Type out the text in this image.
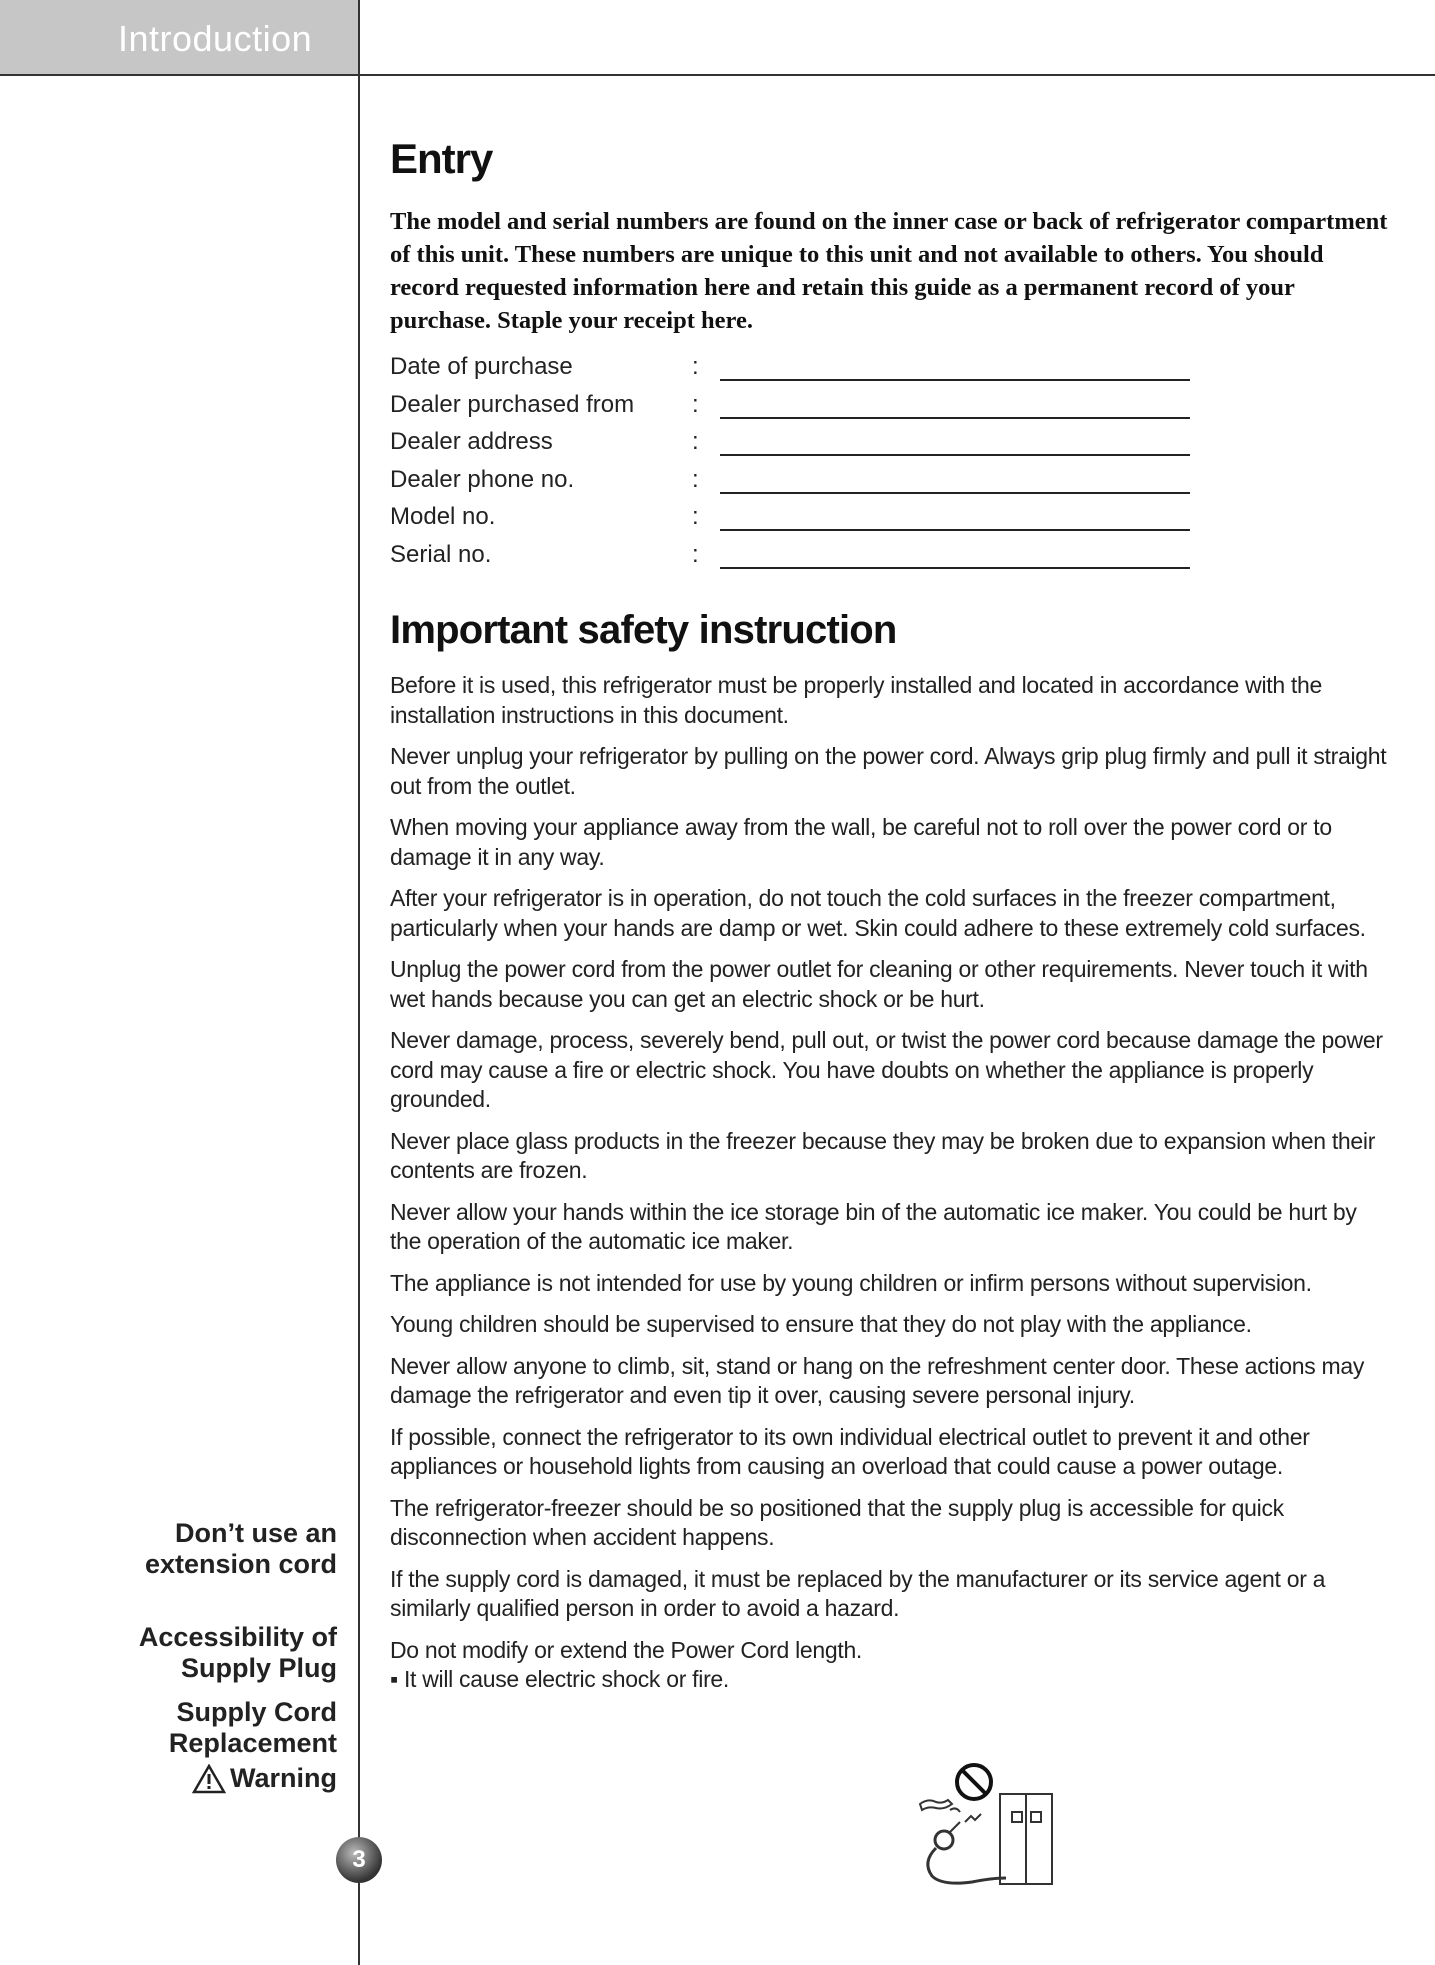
Introduction
Entry
The model and serial numbers are found on the inner case or back of refrigerator compartment of this unit. These numbers are unique to this unit and not available to others. You should record requested information here and retain this guide as a permanent record of your purchase. Staple your receipt here.
Date of purchase	:
Dealer purchased from :
Dealer address	:
Dealer phone no.	:
Model no.	:
Serial no.	:
Important safety instruction

Before it is used, this refrigerator must be properly installed and located in accordance with the installation instructions in this document.

Never unplug your refrigerator by pulling on the power cord. Always grip plug firmly and pull it straight out from the outlet.

When moving your appliance away from the wall, be careful not to roll over the power cord or to damage it in any way.

After your refrigerator is in operation, do not touch the cold surfaces in the freezer compartment, particularly when your hands are damp or wet. Skin could adhere to these extremely cold surfaces.

Unplug the power cord from the power outlet for cleaning or other requirements. Never touch it with wet hands because you can get an electric shock or be hurt.

Never damage, process, severely bend, pull out, or twist the power cord because damage the power cord may cause a fire or electric shock. You have doubts on whether the appliance is properly grounded.

Never place glass products in the freezer because they may be broken due to expansion when their contents are frozen.

Never allow your hands within the ice storage bin of the automatic ice maker. You could be hurt by the operation of the automatic ice maker.

The appliance is not intended for use by young children or infirm persons without supervision.

Young children should be supervised to ensure that they do not play with the appliance.

Never allow anyone to climb, sit, stand or hang on the refreshment center door. These actions may damage the refrigerator and even tip it over, causing severe personal injury.

If possible, connect the refrigerator to its own individual electrical outlet to prevent it and other appliances or household lights from causing an overload that could cause a power outage.

The refrigerator-freezer should be so positioned that the supply plug is accessible for quick disconnection when accident happens.

If the supply cord is damaged, it must be replaced by the manufacturer or its service agent or a similarly qualified person in order to avoid a hazard.

Do not modify or extend the Power Cord length.

▪ It will cause electric shock or fire.

Don’t use an
extension cord
Accessibility of
Supply Plug
Supply Cord
Replacement
Warning
3
